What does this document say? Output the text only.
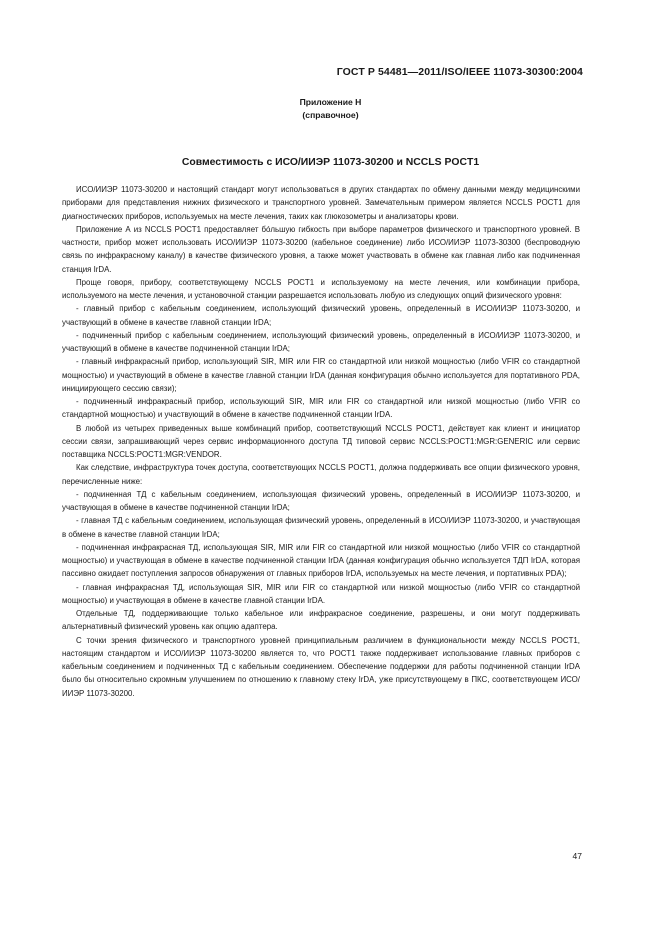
ГОСТ Р 54481—2011/ISO/IEEE 11073-30300:2004
Приложение Н
(справочное)
Совместимость с ИСО/ИИЭР 11073-30200 и NCCLS POCT1

ИСО/ИИЭР 11073-30200 и настоящий стандарт могут использоваться в других стандартах по обмену данными между медицинскими приборами для представления нижних физического и транспортного уровней. Замечательным примером является NCCLS POCT1 для диагностических приборов, используемых на месте лечения, таких как глюкозометры и анализаторы крови.

Приложение А из NCCLS POCT1 предоставляет бóльшую гибкость при выборе параметров физического и транспортного уровней. В частности, прибор может использовать ИСО/ИИЭР 11073-30200 (кабельное соединение) либо ИСО/ИИЭР 11073-30300 (беспроводную связь по инфракрасному каналу) в качестве физического уровня, а также может участвовать в обмене как главная либо как подчиненная станция IrDA.

Проще говоря, прибору, соответствующему NCCLS POCT1 и используемому на месте лечения, или комбинации прибора, используемого на месте лечения, и установочной станции разрешается использовать любую из следующих опций физического уровня:

- главный прибор с кабельным соединением, использующий физический уровень, определенный в ИСО/ИИЭР 11073-30200, и участвующий в обмене в качестве главной станции IrDA;

- подчиненный прибор с кабельным соединением, использующий физический уровень, определенный в ИСО/ИИЭР 11073-30200, и участвующий в обмене в качестве подчиненной станции IrDA;

- главный инфракрасный прибор, использующий SIR, MIR или FIR со стандартной или низкой мощностью (либо VFIR со стандартной мощностью) и участвующий в обмене в качестве главной станции IrDA (данная конфигурация обычно используется для портативного PDA, инициирующего сессию связи);

- подчиненный инфракрасный прибор, использующий SIR, MIR или FIR со стандартной или низкой мощностью (либо VFIR со стандартной мощностью) и участвующий в обмене в качестве подчиненной станции IrDA.

В любой из четырех приведенных выше комбинаций прибор, соответствующий NCCLS POCT1, действует как клиент и инициатор сессии связи, запрашивающий через сервис информационного доступа ТД типовой сервис NCCLS:POCT1:MGR:GENERIC или сервис поставщика NCCLS:POCT1:MGR:VENDOR.

Как следствие, инфраструктура точек доступа, соответствующих NCCLS POCT1, должна поддерживать все опции физического уровня, перечисленные ниже:

- подчиненная ТД с кабельным соединением, использующая физический уровень, определенный в ИСО/ИИЭР 11073-30200, и участвующая в обмене в качестве подчиненной станции IrDA;

- главная ТД с кабельным соединением, использующая физический уровень, определенный в ИСО/ИИЭР 11073-30200, и участвующая в обмене в качестве главной станции IrDA;

- подчиненная инфракрасная ТД, использующая SIR, MIR или FIR со стандартной или низкой мощностью (либо VFIR со стандартной мощностью) и участвующая в обмене в качестве подчиненной станции IrDA (данная конфигурация обычно используется ТДП IrDA, которая пассивно ожидает поступления запросов обнаружения от главных приборов IrDA, используемых на месте лечения, и портативных PDA);

- главная инфракрасная ТД, использующая SIR, MIR или FIR со стандартной или низкой мощностью (либо VFIR со стандартной мощностью) и участвующая в обмене в качестве главной станции IrDA.

Отдельные ТД, поддерживающие только кабельное или инфракрасное соединение, разрешены, и они могут поддерживать альтернативный физический уровень как опцию адаптера.

С точки зрения физического и транспортного уровней принципиальным различием в функциональности между NCCLS POCT1, настоящим стандартом и ИСО/ИИЭР 11073-30200 является то, что POCT1 также поддерживает использование главных приборов с кабельным соединением и подчиненных ТД с кабельным соединением. Обеспечение поддержки для работы подчиненной станции IrDA было бы относительно скромным улучшением по отношению к главному стеку IrDA, уже присутствующему в ПКС, соответствующем ИСО/ИИЭР 11073-30200.

47
